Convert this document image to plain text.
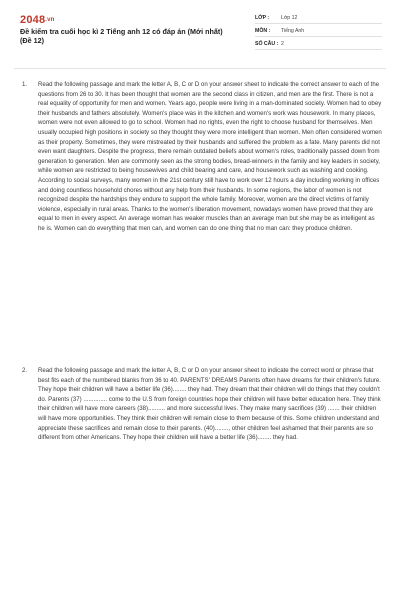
2048.vn
Đề kiểm tra cuối học kì 2 Tiếng anh 12 có đáp án (Mới nhất) (Đề 12)
LỚP : Lớp 12
MÔN : Tiếng Anh
SỐ CÂU : 2
1. Read the following passage and mark the letter A, B, C or D on your answer sheet to indicate the correct answer to each of the questions from 26 to 30. It has been thought that women are the second class in citizen, and men are the first. There is not a real equality of opportunity for men and women. Years ago, people were living in a man-dominated society. Women had to obey their husbands and fathers absolutely. Women's place was in the kitchen and women's work was housework. In many places, women were not even allowed to go to school. Women had no rights, even the right to choose husband for themselves. Men usually occupied high positions in society so they thought they were more intelligent than women. Men often considered women as their property. Sometimes, they were mistreated by their husbands and suffered the problem as a fate. Many parents did not even want daughters. Despite the progress, there remain outdated beliefs about women's roles, traditionally passed down from generation to generation. Men are commonly seen as the strong bodies, bread-winners in the family and key leaders in society, while women are restricted to being housewives and child bearing and care, and housework such as washing and cooking. According to social surveys, many women in the 21st century still have to work over 12 hours a day including working in offices and doing countless household chores without any help from their husbands. In some regions, the labor of women is not recognized despite the hardships they endure to support the whole family. Moreover, women are the direct victims of family violence, especially in rural areas. Thanks to the women's liberation movement, nowadays women have proved that they are equal to men in every aspect. An average woman has weaker muscles than an average man but she may be as intelligent as he is. Women can do everything that men can, and women can do one thing that no man can: they produce children.
2. Read the following passage and mark the letter A, B, C or D on your answer sheet to indicate the correct word or phrase that best fits each of the numbered blanks from 36 to 40. PARENTS' DREAMS Parents often have dreams for their children's future. They hope their children will have a better life (36)........ they had. They dream that their children will do things that they couldn't do. Parents (37) .............. come to the U.S from foreign countries hope their children will have better education here. They think their children will have more careers (38).......... and more successful lives. They make many sacrifices (39) ....... their children will have more opportunities. They think their children will remain close to them because of this. Some children understand and appreciate these sacrifices and remain close to their parents. (40)........, other children feel ashamed that their parents are so different from other Americans. They hope their children will have a better life (36)........ they had.
